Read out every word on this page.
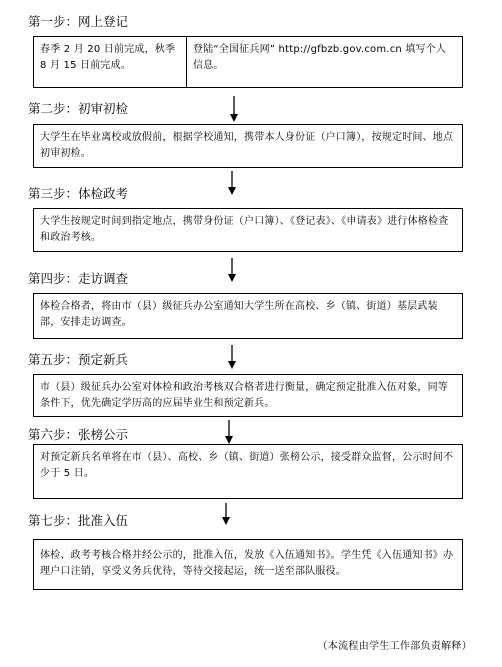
第一步：网上登记
春季 2 月 20 日前完成，秋季 8 月 15 日前完成。
登陆“全国征兵网” http://gfbzb.gov.com.cn 填写个人信息。
第二步：初审初检
大学生在毕业离校或放假前，根据学校通知，携带本人身份证（户口簿），按规定时间、地点初审初检。
第三步：体检政考
大学生按规定时间到指定地点，携带身份证（户口簿）、《登记表》、《申请表》进行体格检查和政治考核。
第四步：走访调查
体检合格者，将由市（县）级征兵办公室通知大学生所在高校、乡（镇、街道）基层武装部，安排走访调查。
第五步：预定新兵
市（县）级征兵办公室对体检和政治考核双合格者进行衡量，确定预定批准入伍对象，同等条件下，优先确定学历高的应届毕业生和预定新兵。
第六步：张榜公示
对预定新兵名单将在市（县）、高校、乡（镇、街道）张榜公示，接受群众监督，公示时间不少于 5 日。
第七步：批准入伍
体检、政考考核合格并经公示的，批准入伍，发放《入伍通知书》。学生凭《入伍通知书》办理户口注销，享受义务兵优待，等待交接起运，统一送至部队服役。
（本流程由学生工作部负责解释）
